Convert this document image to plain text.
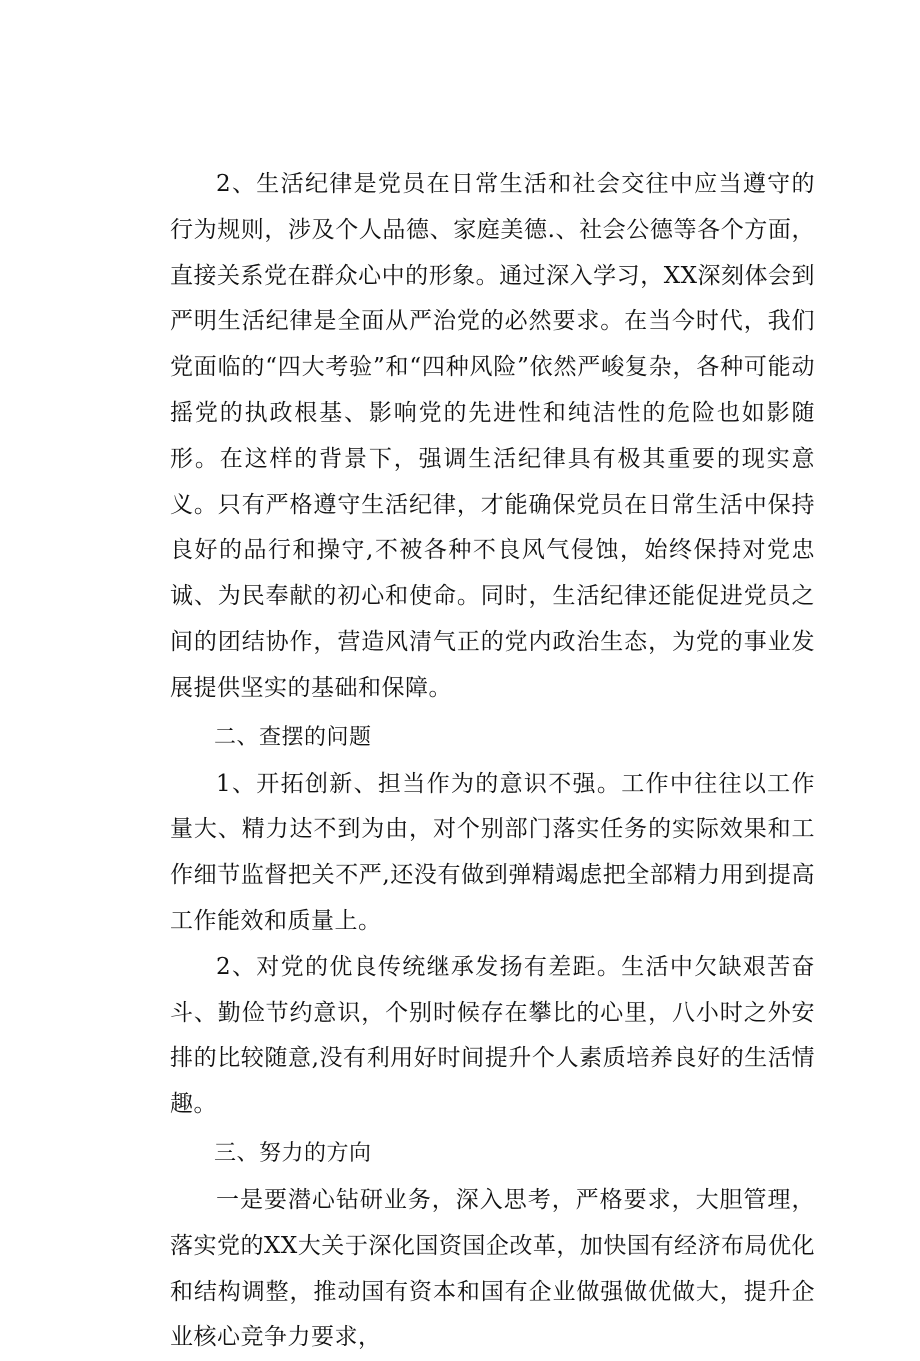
2、生活纪律是党员在日常生活和社会交往中应当遵守的行为规则，涉及个人品德、家庭美德.、社会公德等各个方面，直接关系党在群众心中的形象。通过深入学习，XX深刻体会到严明生活纪律是全面从严治党的必然要求。在当今时代，我们党面临的“四大考验”和“四种风险”依然严峻复杂，各种可能动摇党的执政根基、影响党的先进性和纯洁性的危险也如影随形。在这样的背景下，强调生活纪律具有极其重要的现实意义。只有严格遵守生活纪律，才能确保党员在日常生活中保持良好的品行和操守,不被各种不良风气侵蚀，始终保持对党忠诚、为民奉献的初心和使命。同时，生活纪律还能促进党员之间的团结协作，营造风清气正的党内政治生态，为党的事业发展提供坚实的基础和保障。

二、查摆的问题

1、开拓创新、担当作为的意识不强。工作中往往以工作量大、精力达不到为由，对个别部门落实任务的实际效果和工作细节监督把关不严,还没有做到弹精竭虑把全部精力用到提高工作能效和质量上。

2、对党的优良传统继承发扬有差距。生活中欠缺艰苦奋斗、勤俭节约意识，个别时候存在攀比的心里，八小时之外安排的比较随意,没有利用好时间提升个人素质培养良好的生活情趣。

三、努力的方向

一是要潜心钻研业务，深入思考，严格要求，大胆管理，落实党的XX大关于深化国资国企改革，加快国有经济布局优化和结构调整，推动国有资本和国有企业做强做优做大，提升企业核心竞争力要求，
